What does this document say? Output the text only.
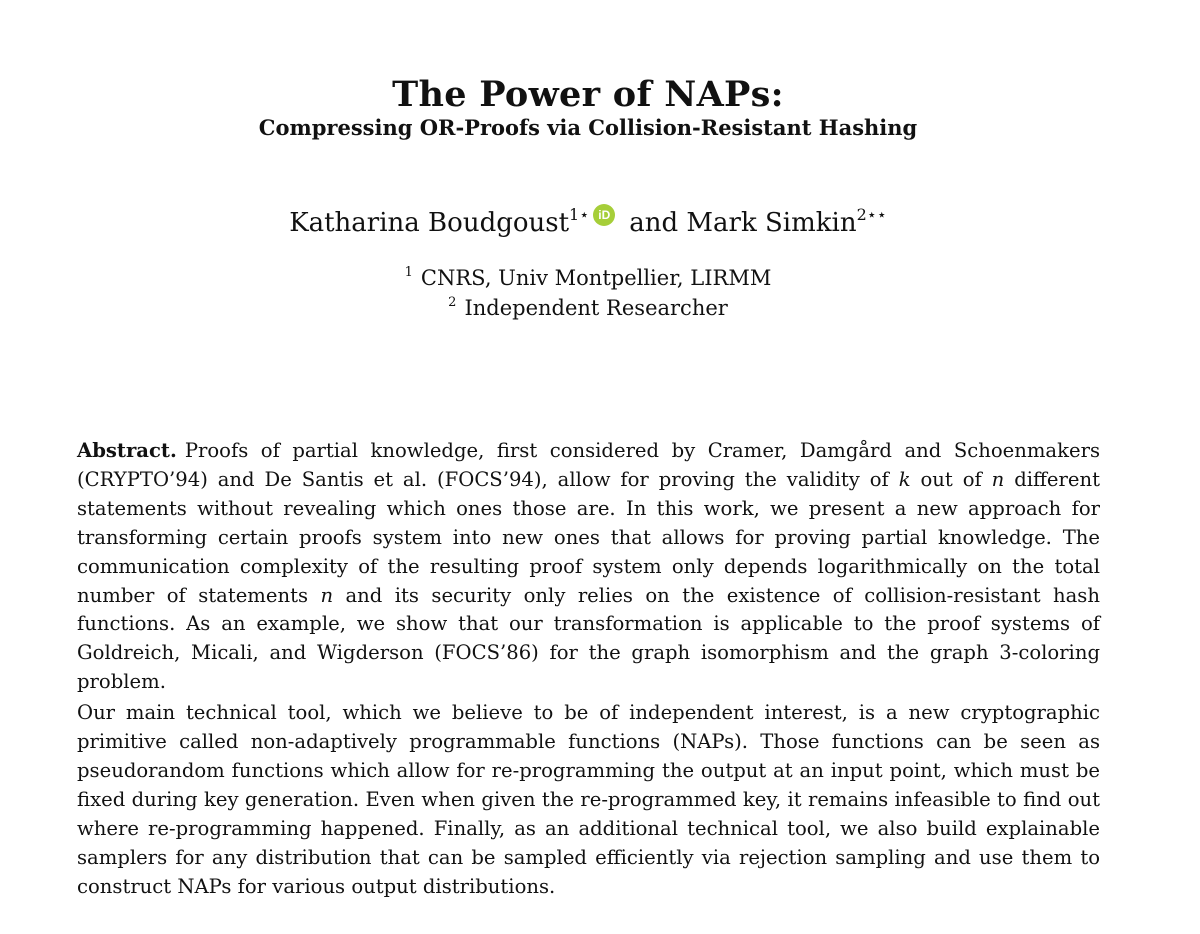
The Power of NAPs:
Compressing OR-Proofs via Collision-Resistant Hashing
Katharina Boudgoust$^{1⋆}$ iD and Mark Simkin$^{2⋆⋆}$
$^1$ CNRS, Univ Montpellier, LIRMM
$^2$ Independent Researcher

Abstract. Proofs of partial knowledge, first considered by Cramer, Damgård and Schoenmakers (CRYPTO’94) and De Santis et al. (FOCS’94), allow for proving the validity of k out of n different statements without revealing which ones those are. In this work, we present a new approach for transforming certain proofs system into new ones that allows for proving partial knowledge. The communication complexity of the resulting proof system only depends logarithmically on the total number of statements n and its security only relies on the existence of collision-resistant hash functions. As an example, we show that our transformation is applicable to the proof systems of Goldreich, Micali, and Wigderson (FOCS’86) for the graph isomorphism and the graph 3-coloring problem.

Our main technical tool, which we believe to be of independent interest, is a new cryptographic primitive called non-adaptively programmable functions (NAPs). Those functions can be seen as pseudorandom functions which allow for re-programming the output at an input point, which must be fixed during key generation. Even when given the re-programmed key, it remains infeasible to find out where re-programming happened. Finally, as an additional technical tool, we also build explainable samplers for any distribution that can be sampled efficiently via rejection sampling and use them to construct NAPs for various output distributions.
